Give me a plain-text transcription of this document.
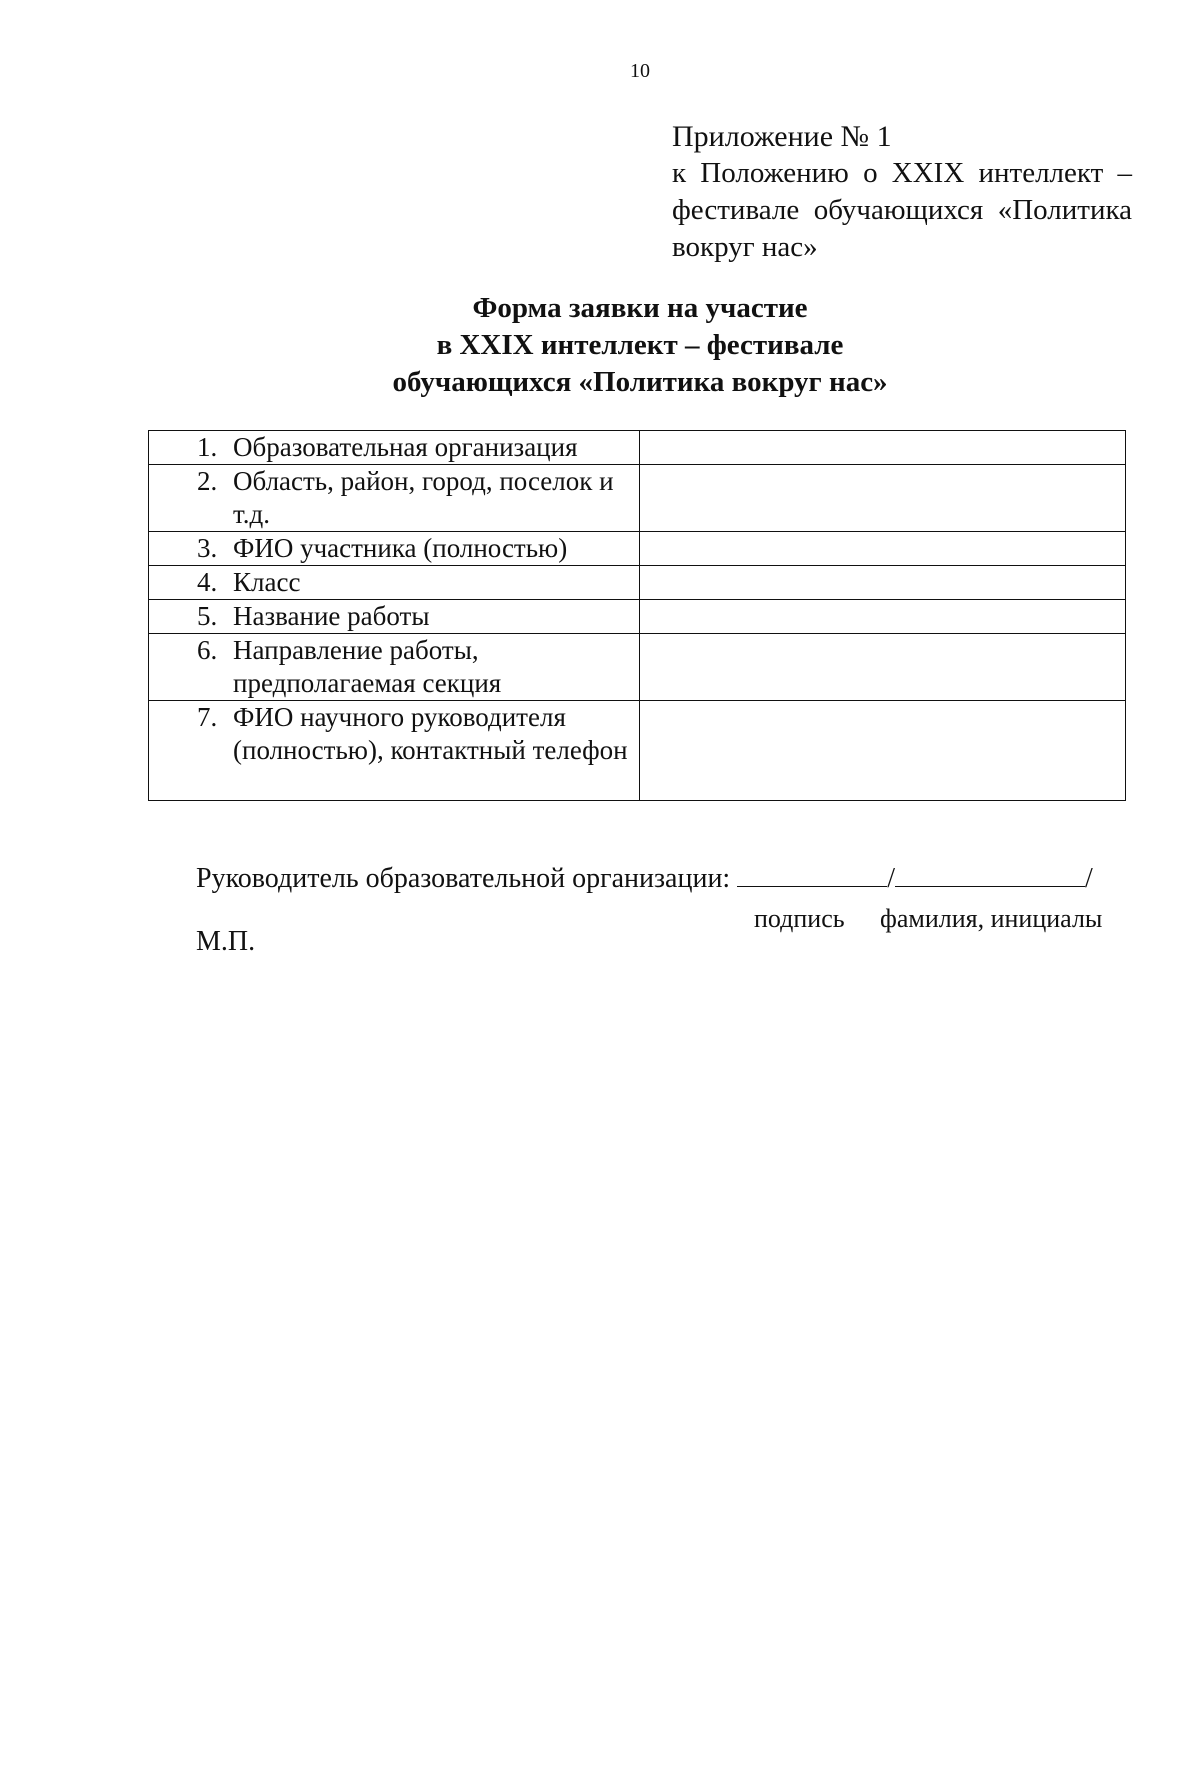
10
Приложение № 1
к Положению о XXIX интеллект – фестивале обучающихся «Политика вокруг нас»
Форма заявки на участие
в XXIX интеллект – фестивале
обучающихся «Политика вокруг нас»
1. Образовательная организация	

2. Область, район, город, поселок и т.д.	

3. ФИО участника (полностью)	

4. Класс	

5. Название работы	

6. Направление работы, предполагаемая секция	

7. ФИО научного руководителя (полностью), контактный телефон	

Руководитель образовательной организации:	/	/
подпись фамилия, инициалы
М.П.
